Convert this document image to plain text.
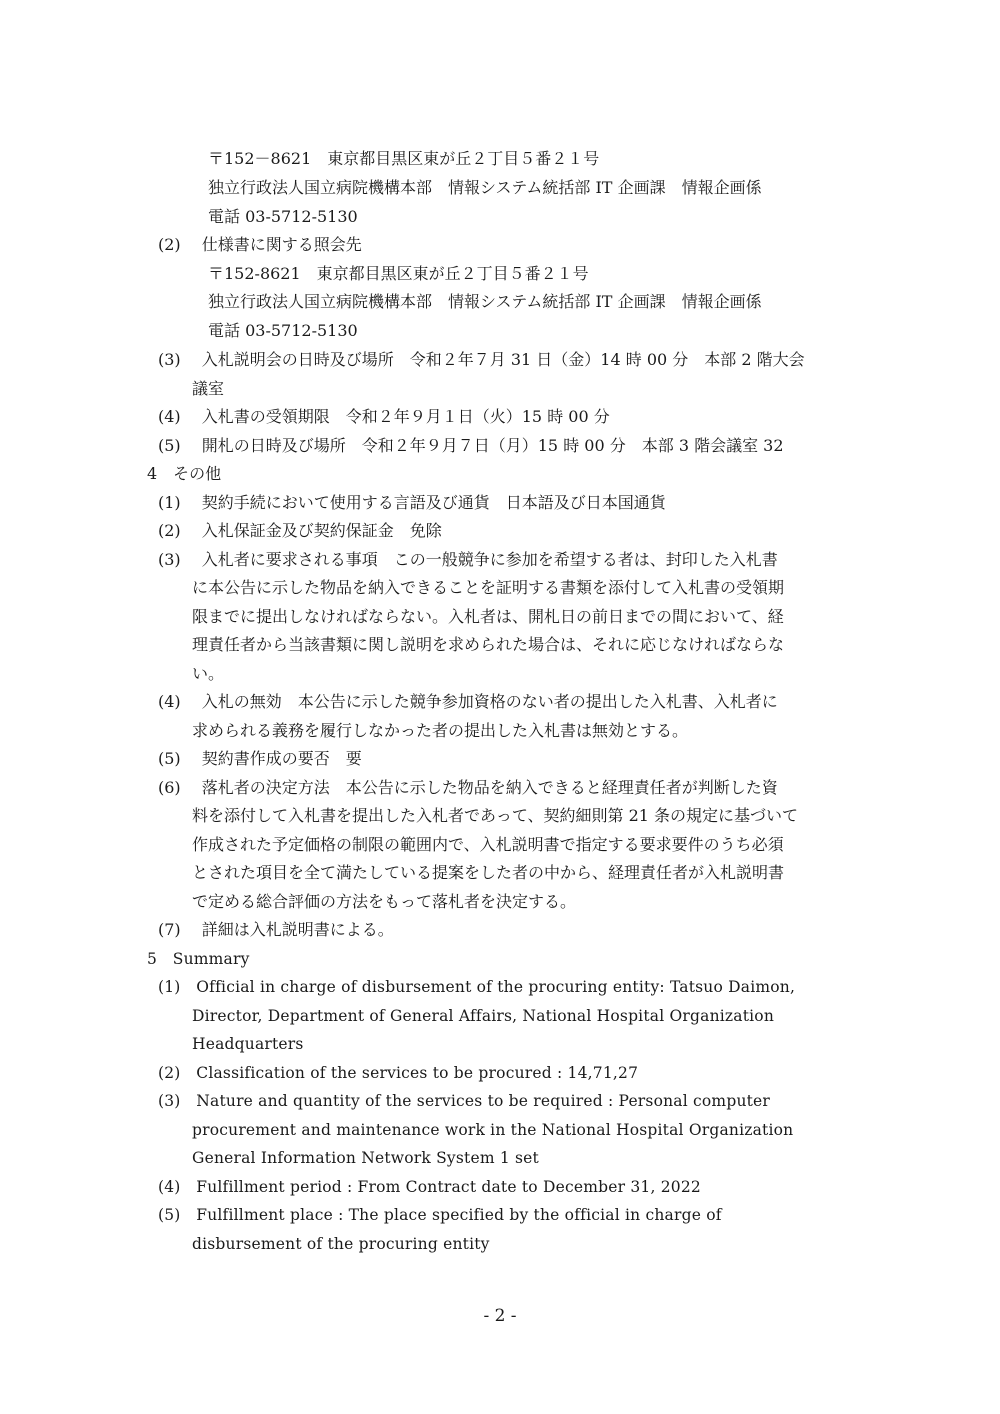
〒152－8621　東京都目黒区東が丘２丁目５番２１号
独立行政法人国立病院機構本部　情報システム統括部 IT 企画課　情報企画係
電話 03-5712-5130
(2)　 仕様書に関する照会先
〒152-8621　東京都目黒区東が丘２丁目５番２１号
独立行政法人国立病院機構本部　情報システム統括部 IT 企画課　情報企画係
電話 03-5712-5130
(3)　 入札説明会の日時及び場所　令和２年７月 31 日（金）14 時 00 分　本部 2 階大会
議室
(4)　 入札書の受領期限　令和２年９月１日（火）15 時 00 分
(5)　 開札の日時及び場所　令和２年９月７日（月）15 時 00 分　本部 3 階会議室 32
4　その他
(1)　 契約手続において使用する言語及び通貨　日本語及び日本国通貨
(2)　 入札保証金及び契約保証金　免除
(3)　 入札者に要求される事項　この一般競争に参加を希望する者は、封印した入札書
に本公告に示した物品を納入できることを証明する書類を添付して入札書の受領期
限までに提出しなければならない。入札者は、開札日の前日までの間において、経
理責任者から当該書類に関し説明を求められた場合は、それに応じなければならな
い。
(4)　 入札の無効　本公告に示した競争参加資格のない者の提出した入札書、入札者に
求められる義務を履行しなかった者の提出した入札書は無効とする。
(5)　 契約書作成の要否　要
(6)　 落札者の決定方法　本公告に示した物品を納入できると経理責任者が判断した資
料を添付して入札書を提出した入札者であって、契約細則第 21 条の規定に基づいて
作成された予定価格の制限の範囲内で、入札説明書で指定する要求要件のうち必須
とされた項目を全て満たしている提案をした者の中から、経理責任者が入札説明書
で定める総合評価の方法をもって落札者を決定する。
(7)　 詳細は入札説明書による。
5　Summary
(1)　Official in charge of disbursement of the procuring entity: Tatsuo Daimon,
Director, Department of General Affairs, National Hospital Organization
Headquarters
(2)　Classification of the services to be procured : 14,71,27
(3)　Nature and quantity of the services to be required : Personal computer
procurement and maintenance work in the National Hospital Organization
General Information Network System 1 set
(4)　Fulfillment period : From Contract date to December 31, 2022
(5)　Fulfillment place : The place specified by the official in charge of
disbursement of the procuring entity
- 2 -
